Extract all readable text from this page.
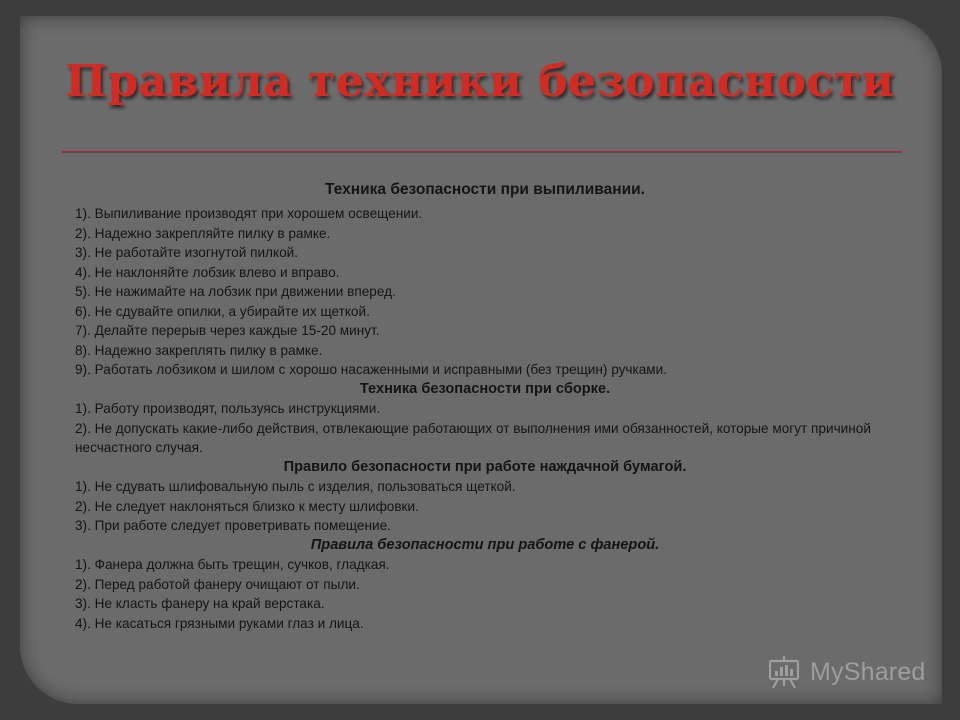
Правила техники безопасности
Техника безопасности при выпиливании.
1). Выпиливание производят при хорошем освещении.
2). Надежно закрепляйте пилку в рамке.
3). Не работайте изогнутой пилкой.
4). Не наклоняйте лобзик влево и вправо.
5). Не нажимайте на лобзик при движении вперед.
6). Не сдувайте опилки, а убирайте их щеткой.
7). Делайте перерыв через каждые 15-20 минут.
8). Надежно закреплять пилку в рамке.
9). Работать лобзиком и шилом с хорошо насаженными и исправными (без трещин) ручками.
Техника безопасности при сборке.
1). Работу производят, пользуясь инструкциями.
2). Не допускать какие-либо действия, отвлекающие работающих от выполнения ими обязанностей, которые могут причиной несчастного случая.
Правило безопасности при работе наждачной бумагой.
1). Не сдувать шлифовальную пыль с изделия, пользоваться щеткой.
2). Не следует наклоняться близко к месту шлифовки.
3). При работе следует проветривать помещение.
Правила безопасности при работе с фанерой.
1). Фанера должна быть трещин, сучков, гладкая.
2). Перед работой фанеру очищают от пыли.
3). Не класть фанеру на край верстака.
4). Не касаться грязными руками глаз и лица.
MyShared
